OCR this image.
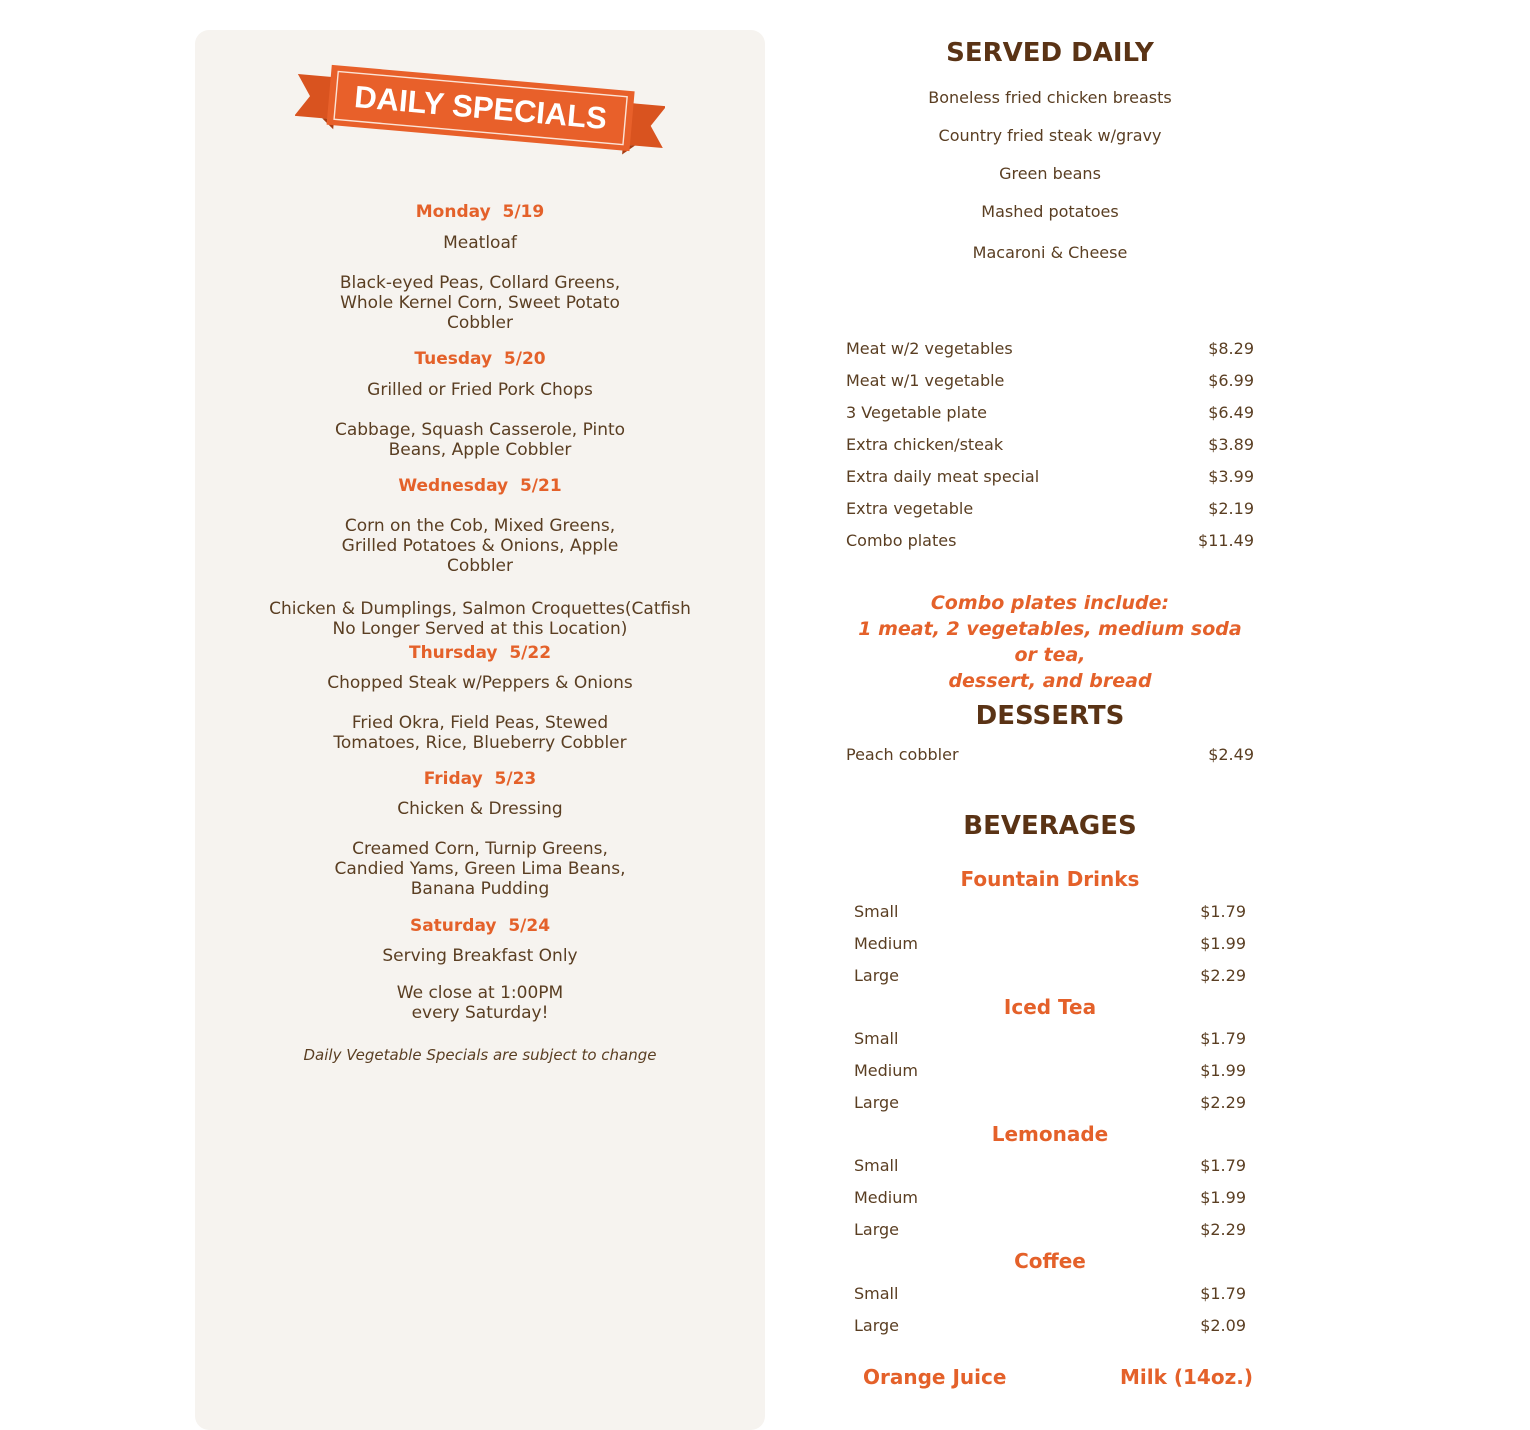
DAILY SPECIALS
Monday 5/19
Meatloaf
Black-eyed Peas, Collard Greens, Whole Kernel Corn, Sweet Potato Cobbler
Tuesday 5/20
Grilled or Fried Pork Chops
Cabbage, Squash Casserole, Pinto Beans, Apple Cobbler
Wednesday 5/21
Corn on the Cob, Mixed Greens, Grilled Potatoes & Onions, Apple Cobbler
Chicken & Dumplings, Salmon Croquettes(Catfish No Longer Served at this Location)
Thursday 5/22
Chopped Steak w/Peppers & Onions
Fried Okra, Field Peas, Stewed Tomatoes, Rice, Blueberry Cobbler
Friday 5/23
Chicken & Dressing
Creamed Corn, Turnip Greens, Candied Yams, Green Lima Beans, Banana Pudding
Saturday 5/24
Serving Breakfast Only
We close at 1:00PM every Saturday!
Daily Vegetable Specials are subject to change
SERVED DAILY
Boneless fried chicken breasts
Country fried steak w/gravy
Green beans
Mashed potatoes
Macaroni & Cheese
Meat w/2 vegetables	$8.29
Meat w/1 vegetable	$6.99
3 Vegetable plate	$6.49
Extra chicken/steak	$3.89
Extra daily meat special	$3.99
Extra vegetable	$2.19
Combo plates	$11.49
Combo plates include:
1 meat, 2 vegetables, medium soda or tea,
dessert, and bread
DESSERTS
Peach cobbler	$2.49
BEVERAGES
Fountain Drinks
Small	$1.79
Medium	$1.99
Large	$2.29
Iced Tea
Small	$1.79
Medium	$1.99
Large	$2.29
Lemonade
Small	$1.79
Medium	$1.99
Large	$2.29
Coffee
Small	$1.79
Large	$2.09
Orange Juice	Milk (14oz.)
